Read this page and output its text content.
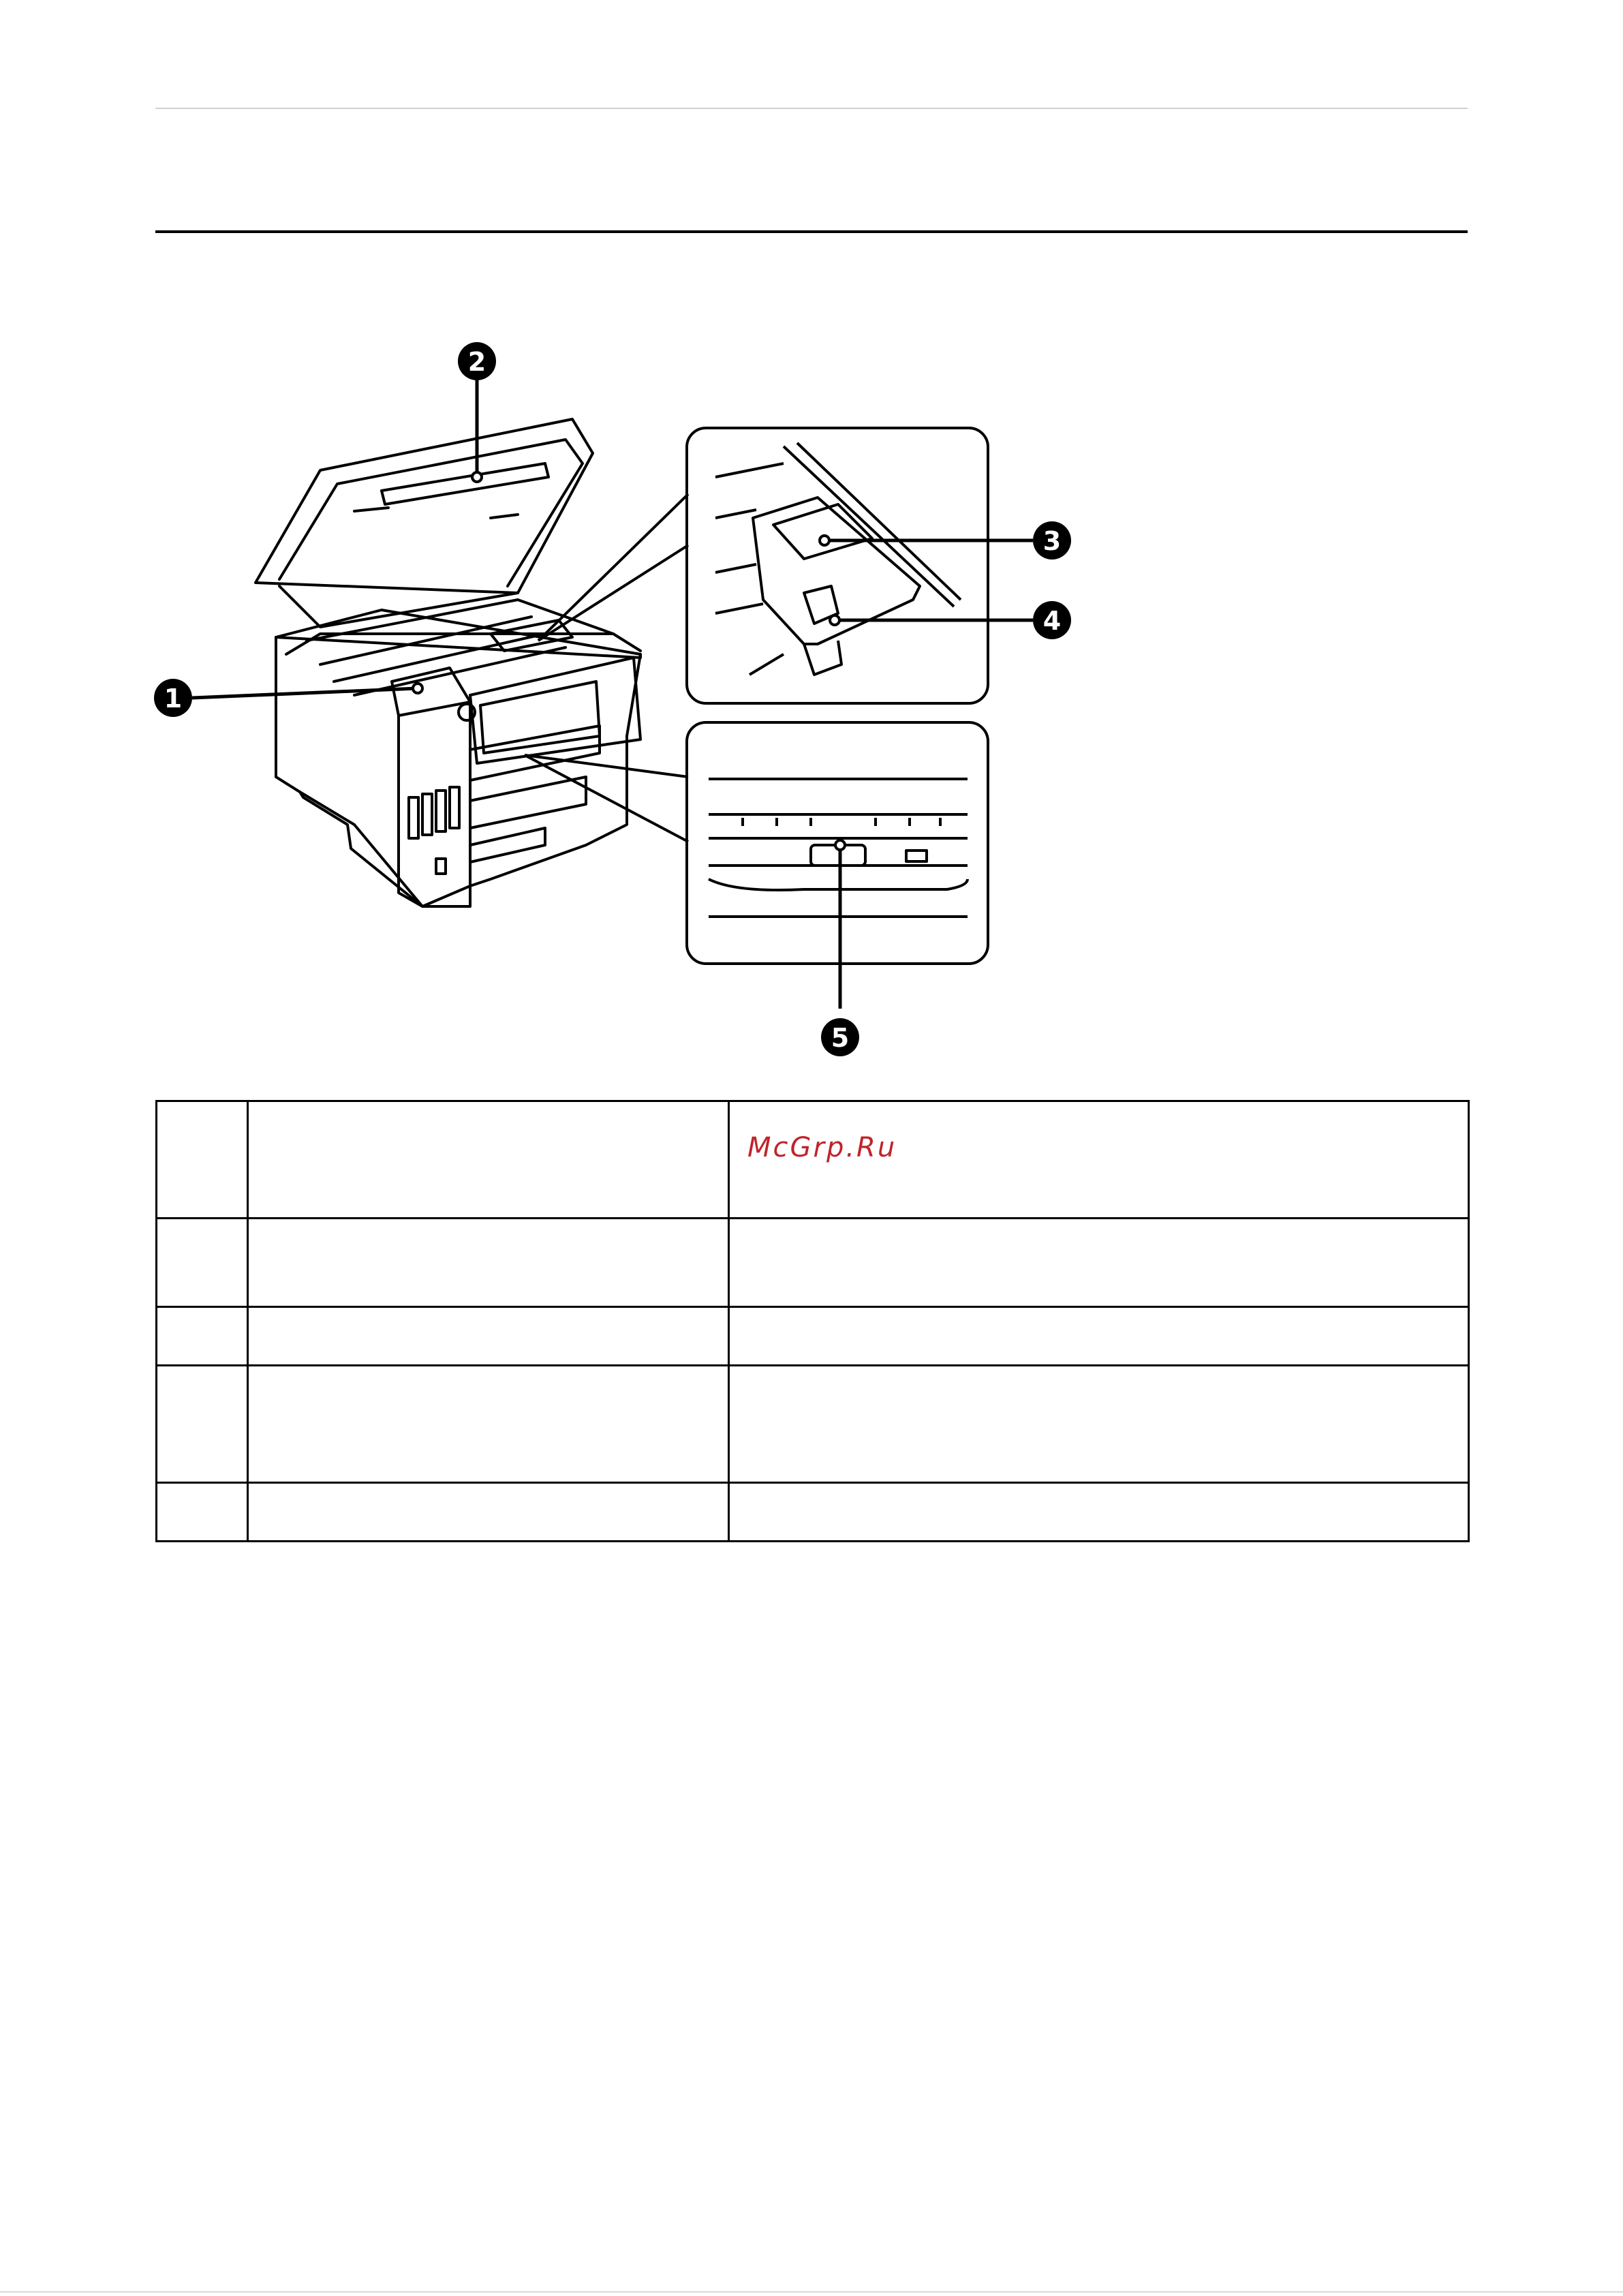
1
2
3
4
5
		McGrp.Ru
